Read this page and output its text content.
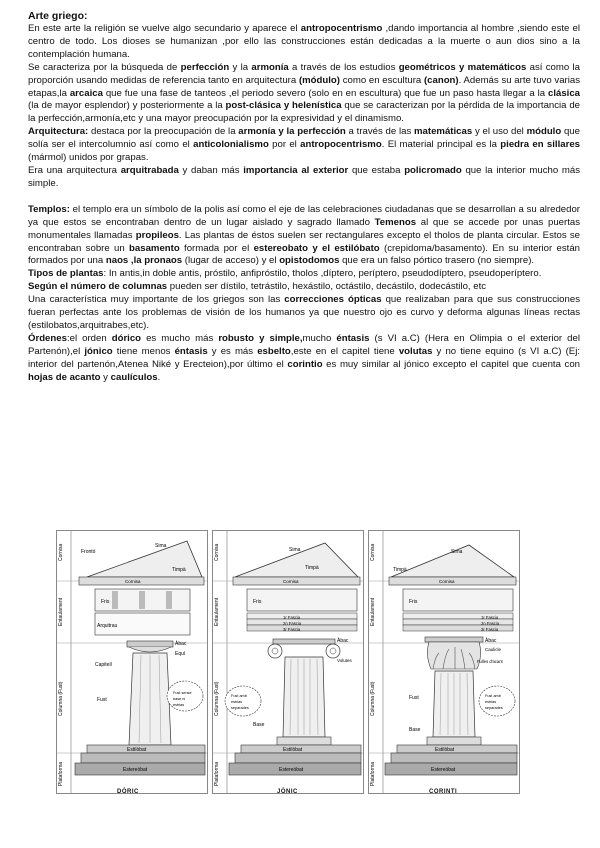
Arte griego:

En este arte la religión se vuelve algo secundario y aparece el antropocentrismo ,dando importancia al hombre ,siendo este el centro de todo. Los dioses se humanizan ,por ello las construcciones están dedicadas a la muerte o aun dios sino a la contemplación humana.

Se caracteriza por la búsqueda de perfección y la armonía a través de los estudios geométricos y matemáticos así como la proporción usando medidas de referencia tanto en arquitectura (módulo) como en escultura (canon). Además su arte tuvo varias etapas,la arcaica que fue una fase de tanteos ,el periodo severo (solo en en escultura) que fue un paso hasta llegar a la clásica (la de mayor esplendor) y posteriormente a la post-clásica y helenística que se caracterizan por la pérdida de la importancia de la perfección,armonía,etc y una mayor preocupación por la expresividad y el dinamismo.

Arquitectura: destaca por la preocupación de la armonía y la perfección a través de las matemáticas y el uso del módulo que solía ser el intercolumnio así como el anticolonialismo por el antropocentrismo. El material principal es la piedra en sillares (mármol) unidos por grapas.

Era una arquitectura arquitrabada y daban más importancia al exterior que estaba policromado que la interior mucho más simple.

Templos: el templo era un símbolo de la polis así como el eje de las celebraciones ciudadanas que se desarrollan a su alrededor ya que estos se encontraban dentro de un lugar aislado y sagrado llamado Temenos al que se accede por unas puertas monumentales llamadas propileos. Las plantas de éstos suelen ser rectangulares excepto el tholos de planta circular. Estos se encontraban sobre un basamento formada por el estereobato y el estilóbato (crepidoma/basamento). En su interior están formados por una naos ,la pronaos (lugar de acceso) y el opistodomos que era un falso pórtico trasero (no siempre).

Tipos de plantas: In antis,in doble antis, próstilo, anfipróstilo, tholos ,díptero, períptero, pseudodíptero, pseudoperíptero.

Según el número de columnas pueden ser dístilo, tetrástilo, hexástilo, octástilo, decástilo, dodecástilo, etc

Una característica muy importante de los griegos son las correcciones ópticas que realizaban para que sus construcciones fueran perfectas ante los problemas de visión de los humanos ya que nuestro ojo es curvo y deforma algunas líneas rectas (estilobatos,arquitrabes,etc).

Órdenes:el orden dórico es mucho más robusto y simple,mucho éntasis (s VI a.C) (Hera en Olimpia o el exterior del Partenón),el jónico tiene menos éntasis y es más esbelto,este en el capitel tiene volutas y no tiene equino (s VI a.C) (Ej: interior del partenón,Atenea Niké y Erecteion),por último el corintio es muy similar al jónico excepto el capitel que cuenta con hojas de acanto y caulículos.

Cornisa
Entaulament
Columna (Fust)
Plataforma
Frontó
Sima
Timpà
Cornisa
Fris
Arquitrau
Capitell
Àbac
Equí
Fust
Fust sense
base ni
estrias
Estilòbat
Estereòbat
DÒRIC
Cornisa
Entaulament
Columna (Fust)
Plataforma
Sima
Timpà
Cornisa
Fris
1r Fascia
2n Fascia
3r Fascia
Àbac
Volutes
Base
Fust amb
estrias
separades
Estilòbat
Estereòbat
JÒNIC
Cornisa
Entaulament
Columna (Fust)
Plataforma
Sima
Timpà
Cornisa
Fris
1r Fascia
2n Fascia
3r Fascia
Àbac
Caulicle
Fulles d'acant
Fust
Base
Fust amb
estrias
separades
Estilòbat
Estereòbat
CORINTI
